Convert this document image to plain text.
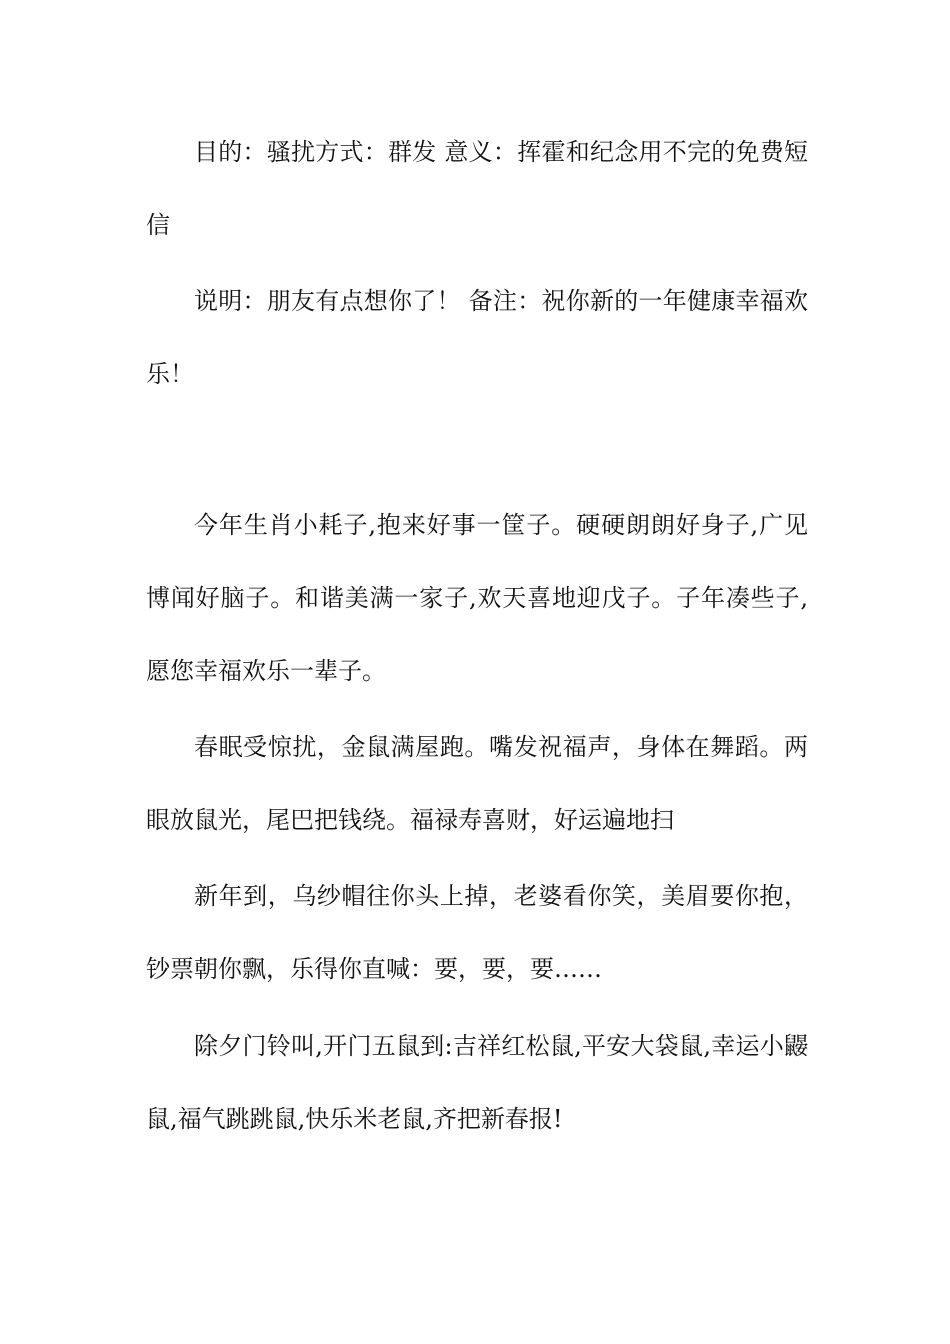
目的：骚扰方式：群发 意义：挥霍和纪念用不完的免费短信

说明：朋友有点想你了！ 备注：祝你新的一年健康幸福欢乐！

今年生肖小耗子,抱来好事一筐子。硬硬朗朗好身子,广见博闻好脑子。和谐美满一家子,欢天喜地迎戊子。子年凑些子,愿您幸福欢乐一辈子。

春眠受惊扰，金鼠满屋跑。嘴发祝福声，身体在舞蹈。两眼放鼠光，尾巴把钱绕。福禄寿喜财，好运遍地扫

新年到，乌纱帽往你头上掉，老婆看你笑，美眉要你抱，钞票朝你飘，乐得你直喊：要，要，要……

除夕门铃叫,开门五鼠到:吉祥红松鼠,平安大袋鼠,幸运小鼹鼠,福气跳跳鼠,快乐米老鼠,齐把新春报!
